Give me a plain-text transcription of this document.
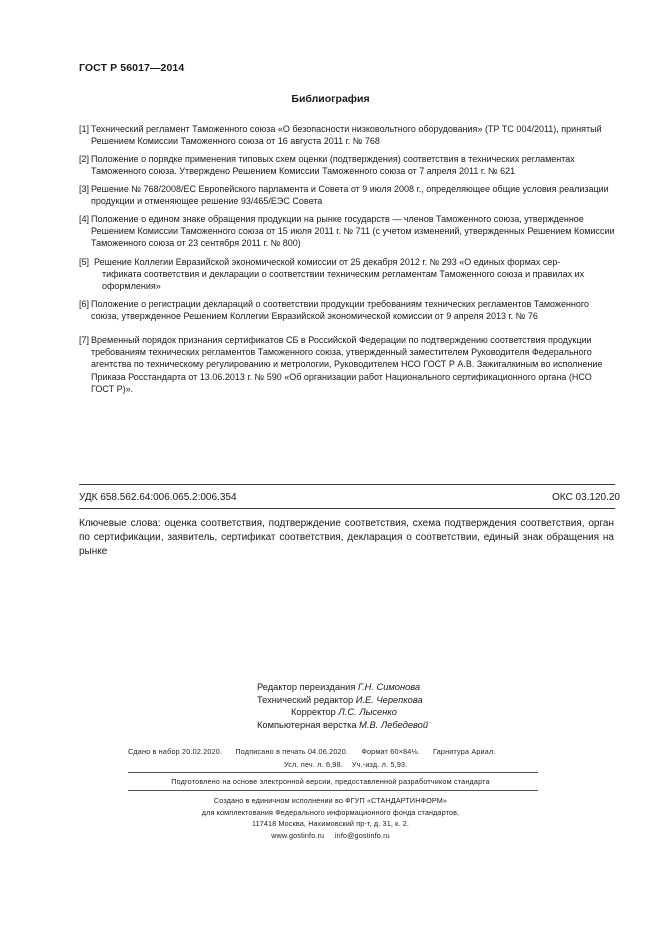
ГОСТ Р 56017—2014
Библиография
[1] Технический регламент Таможенного союза «О безопасности низковольтного оборудования» (ТР ТС 004/2011), принятый Решением Комиссии Таможенного союза от 16 августа 2011 г. № 768
[2] Положение о порядке применения типовых схем оценки (подтверждения) соответствия в технических регламентах Таможенного союза. Утверждено Решением Комиссии Таможенного союза от 7 апреля 2011 г. № 621
[3] Решение № 768/2008/ЕС Европейского парламента и Совета от 9 июля 2008 г., определяющее общие условия реализации продукции и отменяющее решение 93/465/ЕЭС Совета
[4] Положение о едином знаке обращения продукции на рынке государств — членов Таможенного союза, утвержденное Решением Комиссии Таможенного союза от 15 июля 2011 г. № 711 (с учетом изменений, утвержденных Решением Комиссии Таможенного союза от 23 сентября 2011 г. № 800)
[5] Решение Коллегии Евразийской экономической комиссии от 25 декабря 2012 г. № 293 «О единых формах сер-
тификата соответствия и декларации о соответствии техническим регламентам Таможенного союза и правилах их оформления»
[6] Положение о регистрации деклараций о соответствии продукции требованиям технических регламентов Таможенного союза, утвержденное Решением Коллегии Евразийской экономической комиссии от 9 апреля 2013 г. № 76
[7] Временный порядок признания сертификатов СБ в Российской Федерации по подтверждению соответствия продукции требованиям технических регламентов Таможенного союза, утвержденный заместителем Руководителя Федерального агентства по техническому регулированию и метрологии, Руководителем НСО ГОСТ Р А.В. Зажигалкиным во исполнение Приказа Росстандарта от 13.06.2013 г. № 590 «Об организации работ Национального сертификационного органа (НСО ГОСТ Р)».
УДК 658.562.64:006.065.2:006.354	ОКС 03.120.20
Ключевые слова: оценка соответствия, подтверждение соответствия, схема подтверждения соответствия, орган по сертификации, заявитель, сертификат соответствия, декларация о соответствии, единый знак обращения на рынке
Редактор переиздания Г.Н. Симонова
Технический редактор И.Е. Черепкова
Корректор Л.С. Лысенко
Компьютерная верстка М.В. Лебедевой
Сдано в набор 20.02.2020. Подписано в печать 04.06.2020. Формат 60×84⅛. Гарнитура Ариал.
Усл. печ. л. 6,98. Уч.-изд. л. 5,93.
Подготовлено на основе электронной версии, предоставленной разработчиком стандарта
Создано в единичном исполнении во ФГУП «СТАНДАРТИНФОРМ»
для комплектования Федерального информационного фонда стандартов,
117418 Москва, Нахимовский пр-т, д. 31, к. 2.
www.gostinfo.ru     info@gostinfo.ru
